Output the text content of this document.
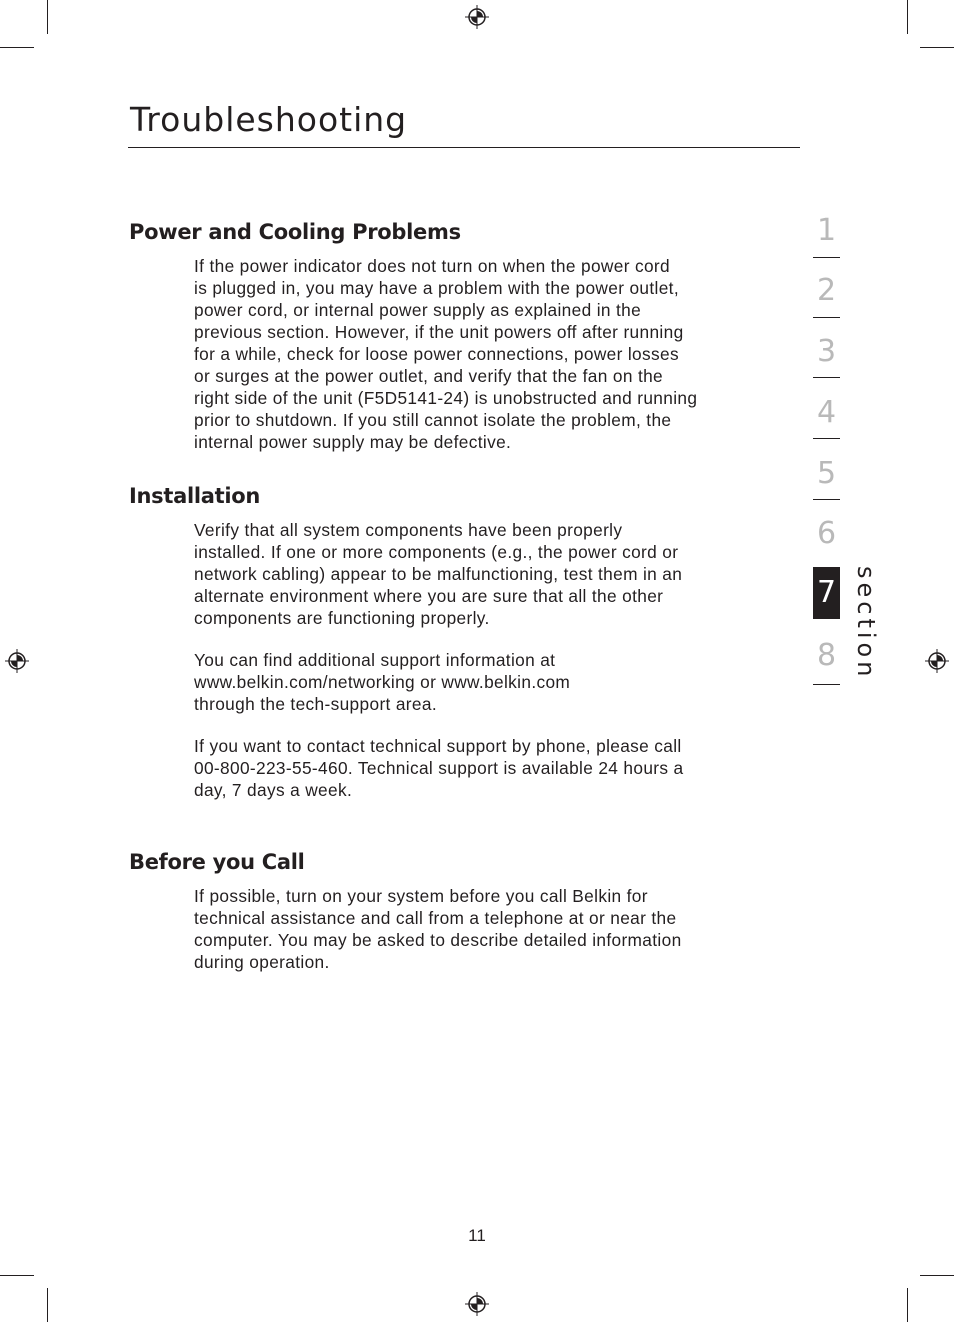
Troubleshooting
Power and Cooling Problems

If the power indicator does not turn on when the power cord
is plugged in, you may have a problem with the power outlet,
power cord, or internal power supply as explained in the
previous section. However, if the unit powers off after running
for a while, check for loose power connections, power losses
or surges at the power outlet, and verify that the fan on the
right side of the unit (F5D5141-24) is unobstructed and running
prior to shutdown. If you still cannot isolate the problem, the
internal power supply may be defective.

Installation

Verify that all system components have been properly
installed. If one or more components (e.g., the power cord or
network cabling) appear to be malfunctioning, test them in an
alternate environment where you are sure that all the other
components are functioning properly.

You can find additional support information at
www.belkin.com/networking or www.belkin.com
through the tech-support area.

If you want to contact technical support by phone, please call
00-800-223-55-460. Technical support is available 24 hours a
day, 7 days a week.

Before you Call

If possible, turn on your system before you call Belkin for
technical assistance and call from a telephone at or near the
computer. You may be asked to describe detailed information
during operation.

1
2
3
4
5
6
7
8 section
11
